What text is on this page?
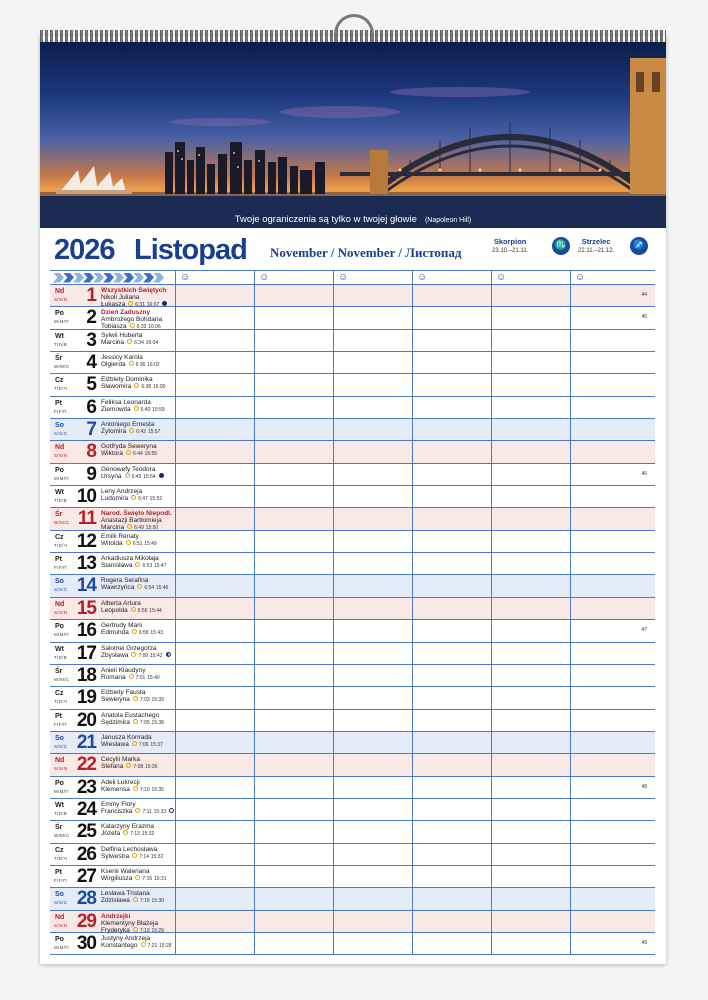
Twoje ograniczenia są tylko w twojej głowie (Napoleon Hill)
2026 Listopad November / November / Листопад
Skorpion
23.10.–21.11.	♏	Strzelec
22.11.–21.12. ♐
☺	☺	☺	☺	☺	☺
Nd
S/S/N	1 Wszystkich Świętych
Nikoli Juliana
Łukasza 6:31 16:07
44
Po
M/M/П 2 Dzień Zaduszny
Ambrożego Bohdana
Tobiasza 6:33 16:06
45
Wt
T/D/B	3 Sylwii Huberta
Marcina 6:34 16:04
Śr
W/M/C 4 Jessicy Karola
Olgierda 6:36 16:02
Cz
T/D/Ч	5 Elżbiety Dominika
Sławomira 6:38 16:00
Pt
F/F/П	6 Feliksa Leonarda
Ziemowita 6:40 15:59
So
S/S/C	7 Antoniego Ernesta
Żytomira 6:42 15:57
Nd
S/S/N	8 Gotfryda Seweryna
Wiktora 6:44 15:55
Po
M/M/П 9 Genowefy Teodora
Ursyna 6:45 15:54	46
Wt
T/D/B 10 Leny Andrzeja
Ludomira 6:47 15:52
Śr
W/M/C 11 Narod. Święto Niepodl.
Anastazji Bartłomieja
Marcina 6:49 15:50
Cz
T/D/Ч 12 Emilii Renaty
Witolda 6:51 15:49
Pt
F/F/П 13 Arkadiusza Mikołaja
Stanisława 6:53 15:47
So
S/S/C 14 Rogera Serafina
Wawrzyńca 6:54 15:46
Nd
S/S/N 15 Alberta Artura
Leopolda 6:56 15:44
Po
M/M/П 16 Gertrudy Marii
Edmunda 6:58 15:43	47
Wt
T/D/B 17 Salomei Grzegorza
Zbysława 7:00 15:42
Śr
W/M/C 18 Anieli Klaudyny
Romana 7:01 15:40
Cz
T/D/Ч 19 Elżbiety Fausta
Seweryna 7:03 15:39
Pt
F/F/П 20 Anatola Eustachego
Sędzimira 7:05 15:38
So
S/S/C 21 Janusza Konrada
Wiesława 7:06 15:37
Nd
S/S/N 22 Cecylii Marka
Stefana 7:08 15:36
Po
M/M/П 23 Adeli Lukrecji
Klemensa 7:10 15:35	48
Wt
T/D/B 24 Emmy Flory
Franciszka 7:11 15:33
Śr
W/M/C 25 Katarzyny Erazma
Józefa 7:13 15:32
Cz
T/D/Ч 26 Delfina Lechosława
Sylwestra 7:14 15:32
Pt
F/F/П 27 Ksenii Waleriana
Wirgiliusza 7:16 15:31
So
S/S/C 28 Lesława Tristana
Zdzisława 7:18 15:30
Nd
S/S/N 29 Andrzejki
Klementyny Błażeja
Fryderyka 7:19 15:29
Po
M/M/П 30 Justyny Andrzeja
Konstantego 7:21 15:28	49
